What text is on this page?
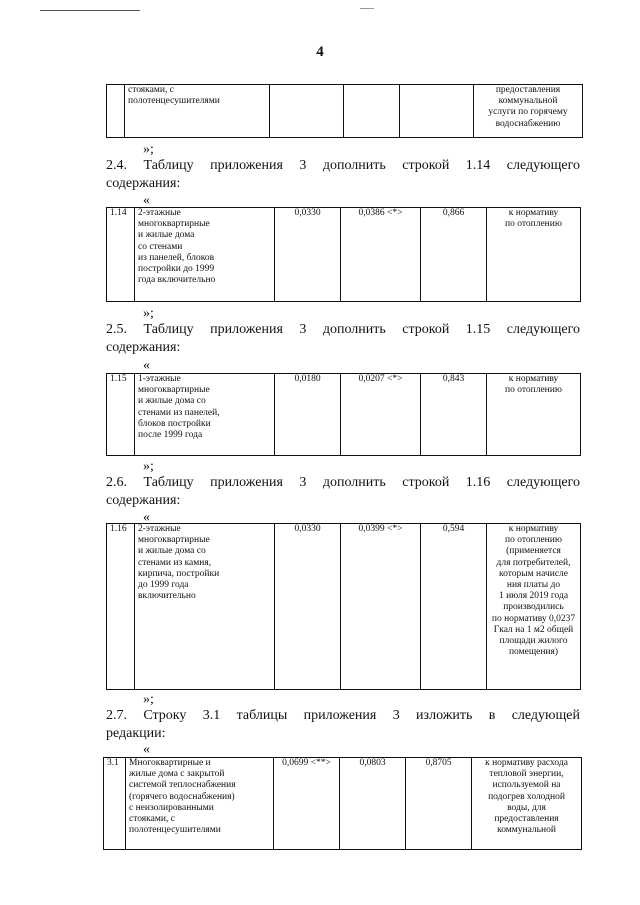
4
	стояками, с
полотенцесушителями				предоставления
коммунальной
услуги по горячему
водоснабжению
»;
2.4. Таблицу приложения 3 дополнить строкой 1.14 следующего
содержания:
«
1.14	2-этажные
многоквартирные
и жилые дома
со стенами
из панелей, блоков
постройки до 1999
года включительно	0,0330	0,0386 <*>	0,866	к нормативу
по отоплению
»;
2.5. Таблицу приложения 3 дополнить строкой 1.15 следующего
содержания:
«
1.15	1-этажные
многоквартирные
и жилые дома со
стенами из панелей,
блоков постройки
после 1999 года	0,0180	0,0207 <*>	0,843	к нормативу
по отоплению
»;
2.6. Таблицу приложения 3 дополнить строкой 1.16 следующего
содержания:
«
1.16	2-этажные
многоквартирные
и жилые дома со
стенами из камня,
кирпича, постройки
до 1999 года
включительно	0,0330	0,0399 <*>	0,594	к нормативу
по отоплению
(применяется
для потребителей,
которым начисле
ния платы до
1 июля 2019 года
производились
по нормативу 0,0237
Гкал на 1 м2 общей
площади жилого
помещения)
»;
2.7. Строку 3.1 таблицы приложения 3 изложить в следующей
редакции:
«
3.1	Многоквартирные и
жилые дома с закрытой
системой теплоснабжения
(горячего водоснабжения)
с неизолированными
стояками, с
полотенцесушителями	0,0699 <**>	0,0803	0,8705	к нормативу расхода
тепловой энергии,
используемой на
подогрев холодной
воды, для
предоставления
коммунальной
